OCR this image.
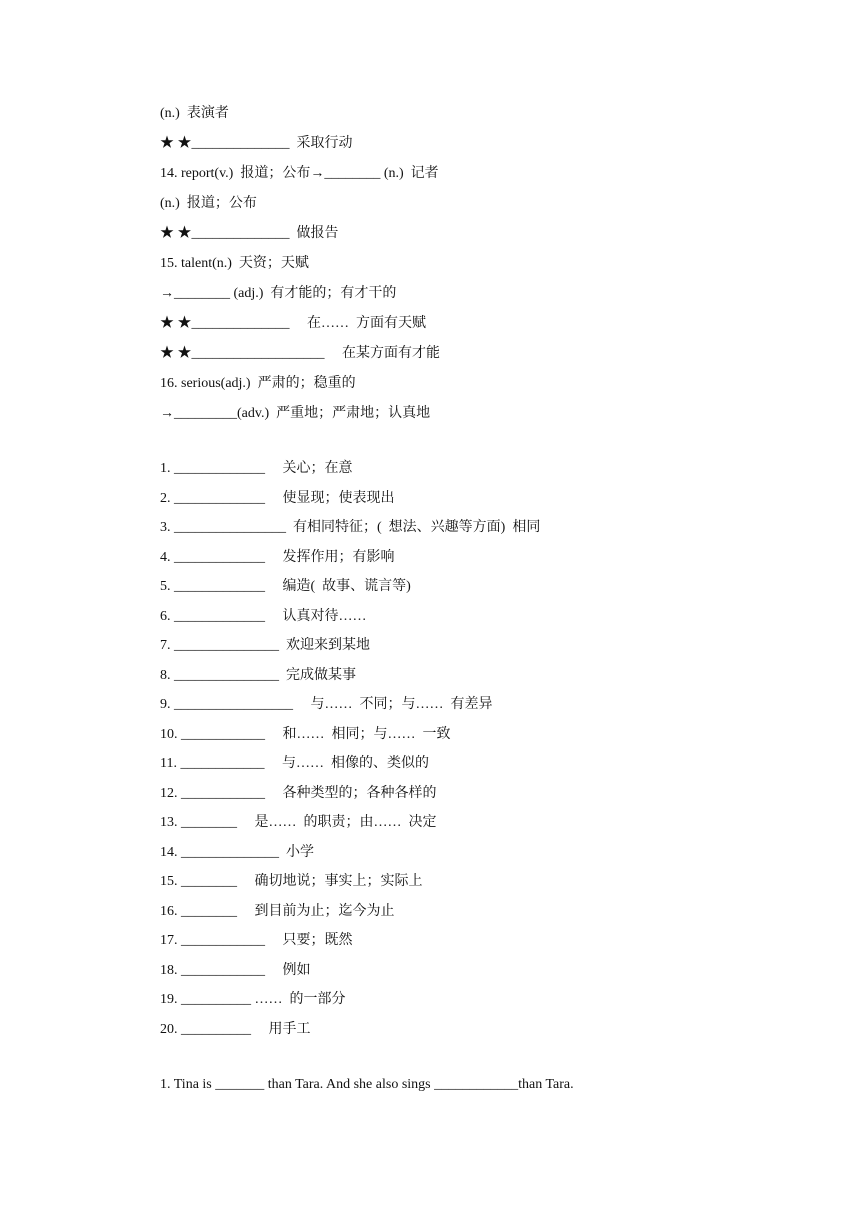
(n.)  表演者
★ ★______________  采取行动
14. report(v.)  报道；公布→________ (n.)  记者
(n.)  报道；公布
★ ★______________  做报告
15. talent(n.)  天资；天赋
→________ (adj.)  有才能的；有才干的
★ ★______________     在……  方面有天赋
★ ★___________________     在某方面有才能
16. serious(adj.)  严肃的；稳重的
→_________(adv.)  严重地；严肃地；认真地
1. _____________     关心；在意
2. _____________     使显现；使表现出
3. ________________  有相同特征；(  想法、兴趣等方面)  相同
4. _____________     发挥作用；有影响
5. _____________     编造(  故事、谎言等)
6. _____________     认真对待……
7. _______________  欢迎来到某地
8. _______________  完成做某事
9. _________________     与……  不同；与……  有差异
10. ____________     和……  相同；与……  一致
11. ____________     与……  相像的、类似的
12. ____________     各种类型的；各种各样的
13. ________     是……  的职责；由……  决定
14. ______________  小学
15. ________     确切地说；事实上；实际上
16. ________     到目前为止；迄今为止
17. ____________     只要；既然
18. ____________     例如
19. __________ ……  的一部分
20. __________     用手工
1. Tina is _______ than Tara. And she also sings ____________than Tara.
